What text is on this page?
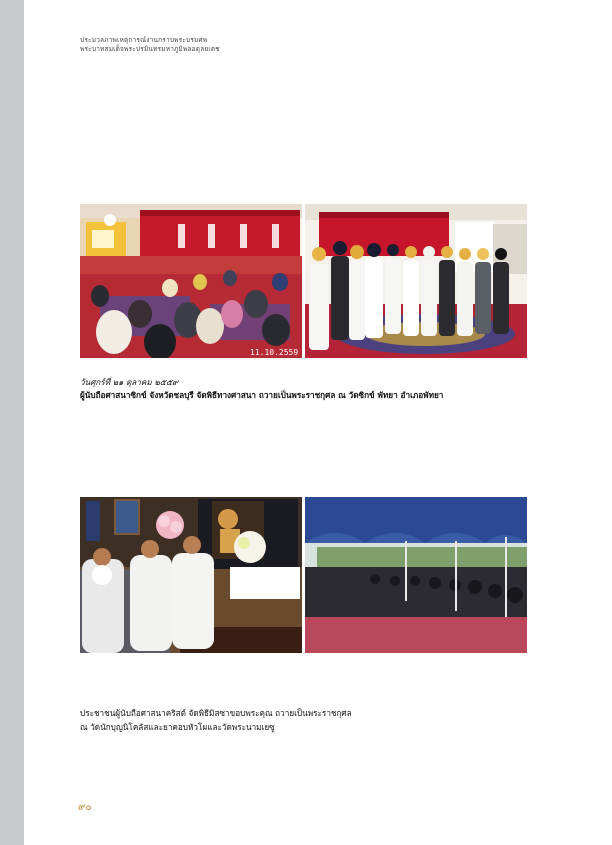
ประมวลภาพเหตุการณ์งานกราบพระบรมศพ
พระบาทสมเด็จพระปรมินทรมหาภูมิพลอดุลยเดช
11.10.2559
วันศุกร์ที่ ๒๑ ตุลาคม ๒๕๕๙
ผู้นับถือศาสนาซิกข์ จังหวัดชลบุรี จัดพิธีทางศาสนา ถวายเป็นพระราชกุศล ณ วัดซิกข์ พัทยา อำเภอพัทยา
ประชาชนผู้นับถือศาสนาคริสต์ จัดพิธีมิสซาขอบพระคุณ ถวายเป็นพระราชกุศล
ณ วัดนักบุญนิโคลัสและยาคอบหัวโผและวัดพระนามเยซู
๙๐
